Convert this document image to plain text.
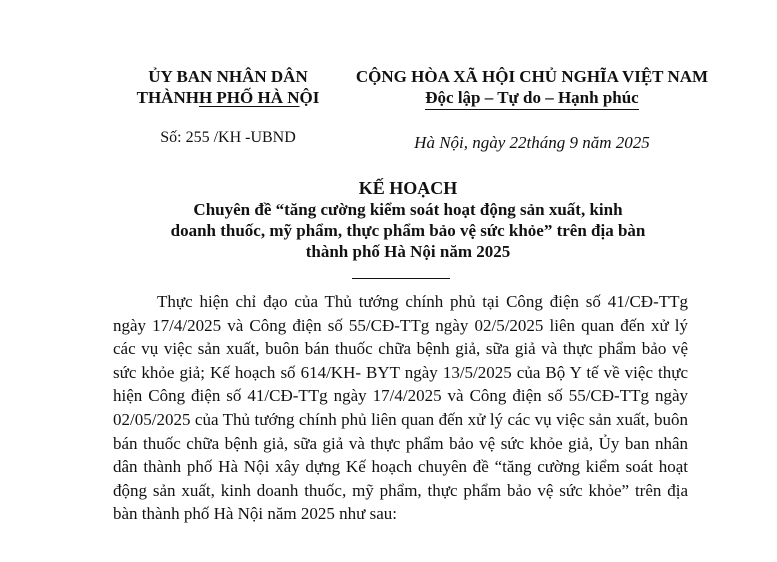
ỦY BAN NHÂN DÂN
THÀNHH PHỐ HÀ NỘI
CỘNG HÒA XÃ HỘI CHỦ NGHĨA VIỆT NAM
Độc lập – Tự do – Hạnh phúc
Số: 255 /KH -UBND	Hà Nội, ngày 22tháng 9 năm 2025
KẾ HOẠCH
Chuyên đề “tăng cường kiểm soát hoạt động sản xuất, kinh
doanh thuốc, mỹ phẩm, thực phẩm bảo vệ sức khỏe” trên địa bàn
thành phố Hà Nội năm 2025

Thực hiện chỉ đạo của Thủ tướng chính phủ tại Công điện số 41/CĐ-TTg ngày 17/4/2025 và Công điện số 55/CĐ-TTg ngày 02/5/2025 liên quan đến xử lý các vụ việc sản xuất, buôn bán thuốc chữa bệnh giả, sữa giả và thực phẩm bảo vệ sức khỏe giả; Kế hoạch số 614/KH- BYT ngày 13/5/2025 của Bộ Y tế về việc thực hiện Công điện số 41/CĐ-TTg ngày 17/4/2025 và Công điện số 55/CĐ-TTg ngày 02/05/2025 của Thủ tướng chính phủ liên quan đến xử lý các vụ việc sản xuất, buôn bán thuốc chữa bệnh giả, sữa giả và thực phẩm bảo vệ sức khỏe giả, Ủy ban nhân dân thành phố Hà Nội xây dựng Kế hoạch chuyên đề “tăng cường kiểm soát hoạt động sản xuất, kinh doanh thuốc, mỹ phẩm, thực phẩm bảo vệ sức khỏe” trên địa bàn thành phố Hà Nội năm 2025 như sau:
